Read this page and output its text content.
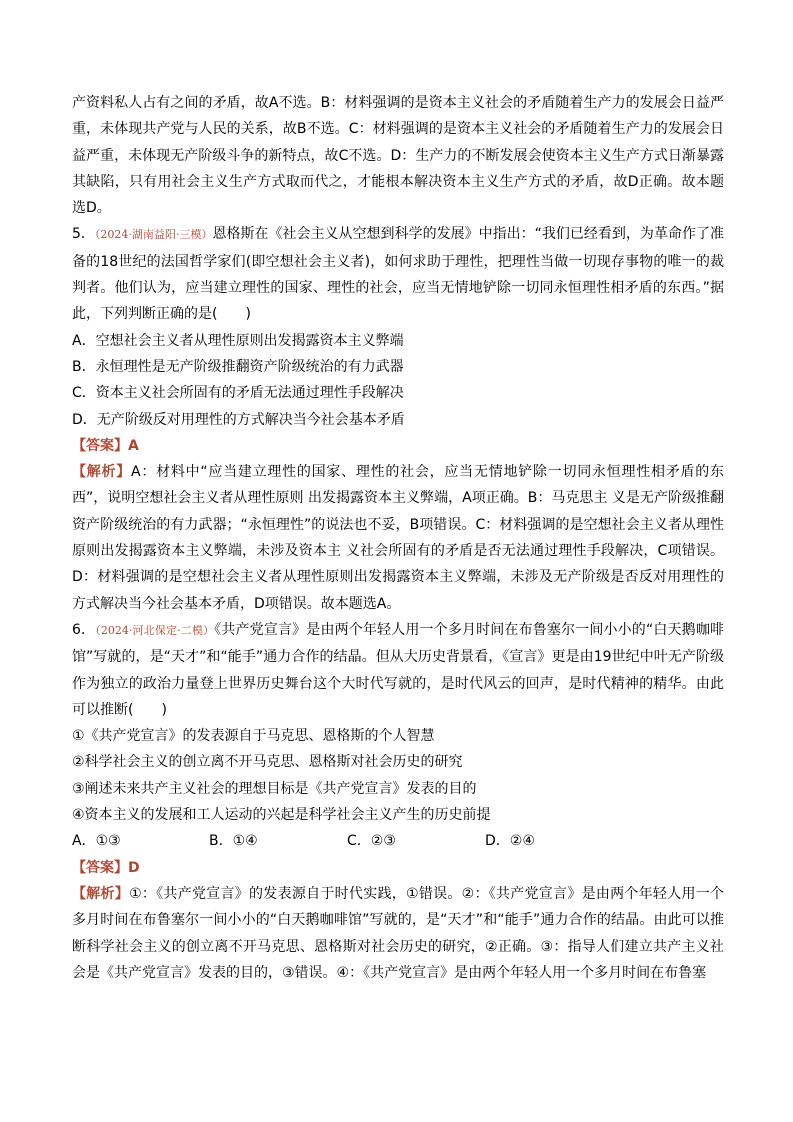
产资料私人占有之间的矛盾，故A不选。B：材料强调的是资本主义社会的矛盾随着生产力的发展会日益严重，未体现共产党与人民的关系，故B不选。C：材料强调的是资本主义社会的矛盾随着生产力的发展会日益严重，未体现无产阶级斗争的新特点，故C不选。D：生产力的不断发展会使资本主义生产方式日渐暴露其缺陷，只有用社会主义生产方式取而代之，才能根本解决资本主义生产方式的矛盾，故D正确。故本题选D。

5．（2024·湖南益阳·三模）恩格斯在《社会主义从空想到科学的发展》中指出：“我们已经看到，为革命作了准备的18世纪的法国哲学家们(即空想社会主义者)，如何求助于理性，把理性当做一切现存事物的唯一的裁判者。他们认为，应当建立理性的国家、理性的社会，应当无情地铲除一切同永恒理性相矛盾的东西。”据此，下列判断正确的是(　　)

A．空想社会主义者从理性原则出发揭露资本主义弊端

B．永恒理性是无产阶级推翻资产阶级统治的有力武器

C．资本主义社会所固有的矛盾无法通过理性手段解决

D．无产阶级反对用理性的方式解决当今社会基本矛盾

【答案】A

【解析】A：材料中“应当建立理性的国家、理性的社会，应当无情地铲除一切同永恒理性相矛盾的东西”，说明空想社会主义者从理性原则 出发揭露资本主义弊端，A项正确。B：马克思主 义是无产阶级推翻资产阶级统治的有力武器；“永恒理性”的说法也不妥，B项错误。C：材料强调的是空想社会主义者从理性原则出发揭露资本主义弊端，未涉及资本主 义社会所固有的矛盾是否无法通过理性手段解决，C项错误。D：材料强调的是空想社会主义者从理性原则出发揭露资本主义弊端，未涉及无产阶级是否反对用理性的方式解决当今社会基本矛盾，D项错误。故本题选A。

6．（2024·河北保定·二模）《共产党宣言》是由两个年轻人用一个多月时间在布鲁塞尔一间小小的“白天鹅咖啡馆”写就的，是“天才”和“能手”通力合作的结晶。但从大历史背景看，《宣言》更是由19世纪中叶无产阶级作为独立的政治力量登上世界历史舞台这个大时代写就的，是时代风云的回声，是时代精神的精华。由此可以推断(　　)

①《共产党宣言》的发表源自于马克思、恩格斯的个人智慧

②科学社会主义的创立离不开马克思、恩格斯对社会历史的研究

③阐述未来共产主义社会的理想目标是《共产党宣言》发表的目的

④资本主义的发展和工人运动的兴起是科学社会主义产生的历史前提

A．①③	B．①④	C．②③	D．②④

【答案】D

【解析】①：《共产党宣言》的发表源自于时代实践，①错误。②：《共产党宣言》是由两个年轻人用一个多月时间在布鲁塞尔一间小小的“白天鹅咖啡馆”写就的，是“天才”和“能手”通力合作的结晶。由此可以推断科学社会主义的创立离不开马克思、恩格斯对社会历史的研究，②正确。③：指导人们建立共产主义社会是《共产党宣言》发表的目的，③错误。④：《共产党宣言》是由两个年轻人用一个多月时间在布鲁塞
